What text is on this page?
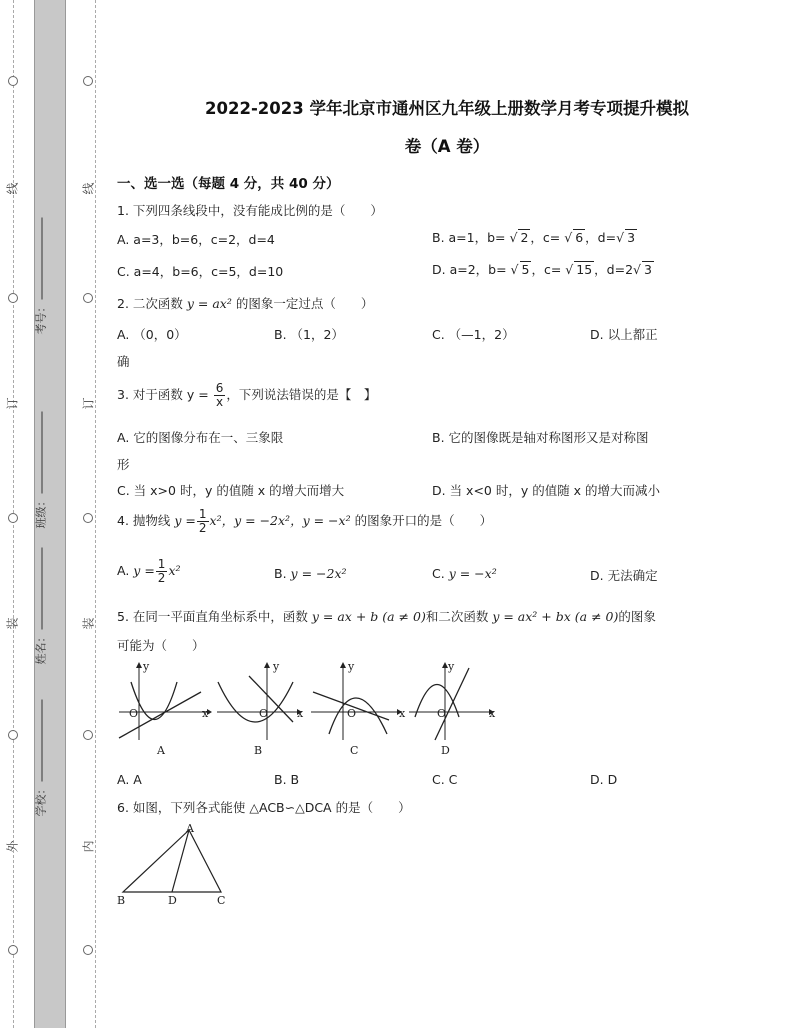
线
订
装
外
线
订
装
内
考号：
班级：
姓名：
学校：
2022-2023 学年北京市通州区九年级上册数学月考专项提升模拟
卷（A 卷）
一、选一选（每题 4 分，共 40 分）
1. 下列四条线段中，没有能成比例的是（　　）
A. a=3，b=6，c=2，d=4	B. a=1，b= √ 2 ，c= √ 6 ，d=√ 3
C. a=4，b=6，c=5，d=10	D. a=2，b= √ 5 ，c= √ 15 ，d=2√ 3
2. 二次函数 y = ax² 的图象一定过点（　　）
A. （0，0）	B. （1，2）	C. （—1，2）	D. 以上都正
确
3. 对于函数 $y = \frac{6}{x}$ ，下列说法错误的是【　】
A. 它的图像分布在一、三象限	B. 它的图像既是轴对称图形又是对称图
形
C. 当 x>0 时，y 的值随 x 的增大而增大	D. 当 x<0 时，y 的值随 x 的增大而减小
4. 抛物线 $y = \frac{1}{2} x^2$，y = −2x²，y = −x² 的图象开口的是（　　）
A. $y = \frac{1}{2} x^2$	B. y = −2x²	C. y = −x²	D. 无法确定
5. 在同一平面直角坐标系中，函数 y = ax + b (a ≠ 0)和二次函数 y = ax² + bx (a ≠ 0)的图象
可能为（　　）
O	x
y
A
O	x
y
B
O	x
y
C
O	x
y
D
A. A	B. B	C. C	D. D
6. 如图，下列各式能使 △ACB∽△DCA 的是（　　）
A
B	D	C
